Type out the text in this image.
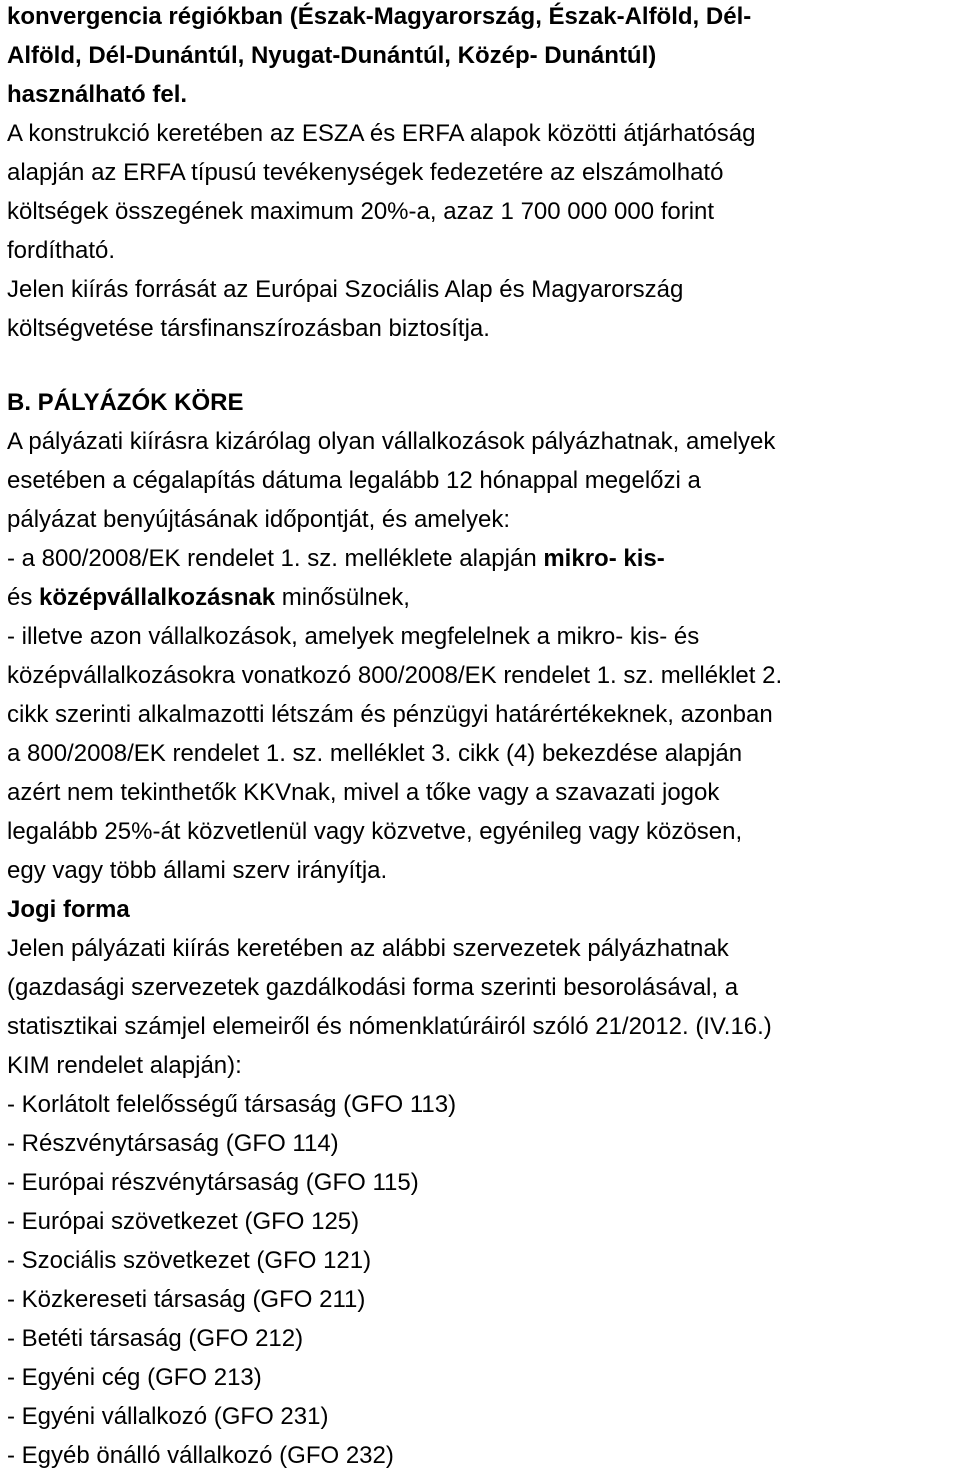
konvergencia régiókban (Észak-Magyarország, Észak-Alföld, Dél-
Alföld, Dél-Dunántúl, Nyugat-Dunántúl, Közép- Dunántúl)
használható fel.
A konstrukció keretében az ESZA és ERFA alapok közötti átjárhatóság
alapján az ERFA típusú tevékenységek fedezetére az elszámolható
költségek összegének maximum 20%-a, azaz 1 700 000 000 forint
fordítható.
Jelen kiírás forrását az Európai Szociális Alap és Magyarország
költségvetése társfinanszírozásban biztosítja.
B. PÁLYÁZÓK KÖRE
A pályázati kiírásra kizárólag olyan vállalkozások pályázhatnak, amelyek
esetében a cégalapítás dátuma legalább 12 hónappal megelőzi a
pályázat benyújtásának időpontját, és amelyek:
- a 800/2008/EK rendelet 1. sz. melléklete alapján mikro- kis-
és középvállalkozásnak minősülnek,
- illetve azon vállalkozások, amelyek megfelelnek a mikro- kis- és
középvállalkozásokra vonatkozó 800/2008/EK rendelet 1. sz. melléklet 2.
cikk szerinti alkalmazotti létszám és pénzügyi határértékeknek, azonban
a 800/2008/EK rendelet 1. sz. melléklet 3. cikk (4) bekezdése alapján
azért nem tekinthetők KKVnak, mivel a tőke vagy a szavazati jogok
legalább 25%-át közvetlenül vagy közvetve, egyénileg vagy közösen,
egy vagy több állami szerv irányítja.
Jogi forma
Jelen pályázati kiírás keretében az alábbi szervezetek pályázhatnak
(gazdasági szervezetek gazdálkodási forma szerinti besorolásával, a
statisztikai számjel elemeiről és nómenklatúráiról szóló 21/2012. (IV.16.)
KIM rendelet alapján):
- Korlátolt felelősségű társaság (GFO 113)
- Részvénytársaság (GFO 114)
- Európai részvénytársaság (GFO 115)
- Európai szövetkezet (GFO 125)
- Szociális szövetkezet (GFO 121)
- Közkereseti társaság (GFO 211)
- Betéti társaság (GFO 212)
- Egyéni cég (GFO 213)
- Egyéni vállalkozó (GFO 231)
- Egyéb önálló vállalkozó (GFO 232)
